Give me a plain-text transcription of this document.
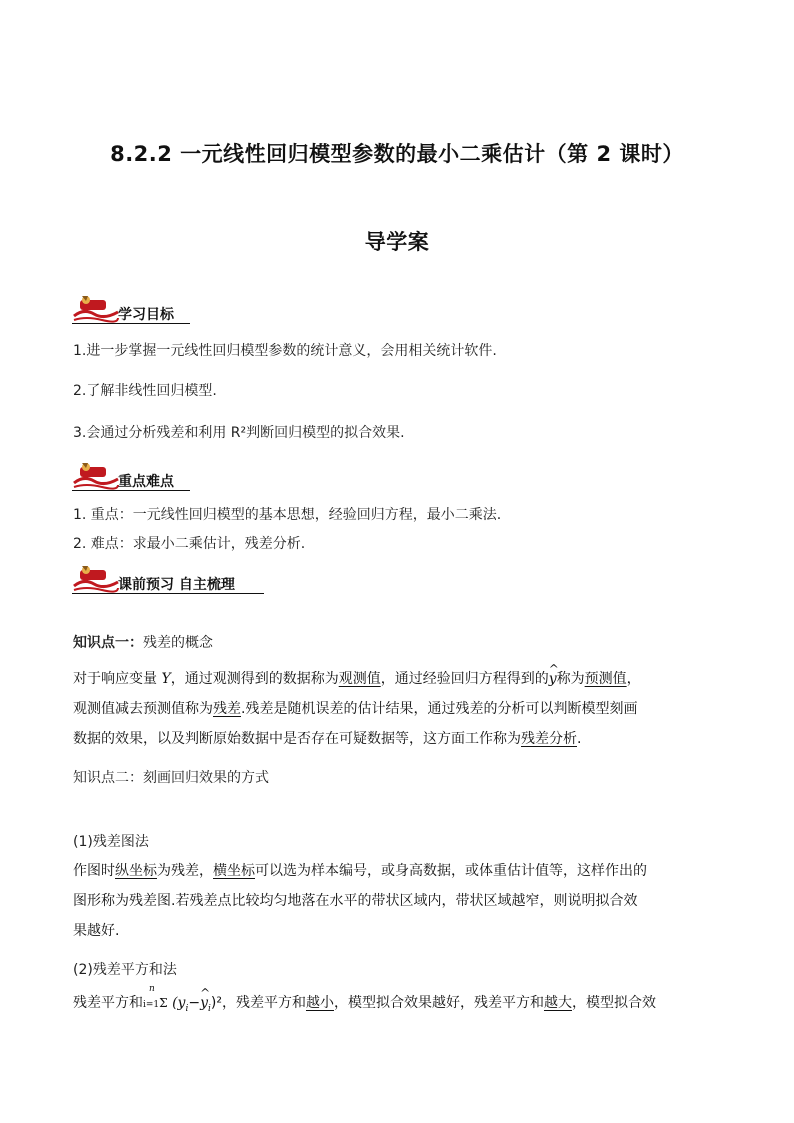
8.2.2 一元线性回归模型参数的最小二乘估计（第 2 课时）
导学案
学习目标
1.进一步掌握一元线性回归模型参数的统计意义，会用相关统计软件.
2.了解非线性回归模型.
3.会通过分析残差和利用 R²判断回归模型的拟合效果.
重点难点
1. 重点：一元线性回归模型的基本思想，经验回归方程，最小二乘法.
2. 难点：求最小二乘估计，残差分析.
课前预习 自主梳理
知识点一：残差的概念
对于响应变量 Y，通过观测得到的数据称为观测值，通过经验回归方程得到的^ y称为预测值，
观测值减去预测值称为残差.残差是随机误差的估计结果，通过残差的分析可以判断模型刻画
数据的效果，以及判断原始数据中是否存在可疑数据等，这方面工作称为残差分析.
知识点二：刻画回归效果的方式
(1)残差图法
作图时纵坐标为残差，横坐标可以选为样本编号，或身高数据，或体重估计值等，这样作出的
图形称为残差图.若残差点比较均匀地落在水平的带状区域内，带状区域越窄，则说明拟合效
果越好.
(2)残差平方和法
残差平方和
n
i=1Σ ($y_i-\^{}$ $y_i)^2$，残差平方和越小，模型拟合效果越好，残差平方和越大，模型拟合效
